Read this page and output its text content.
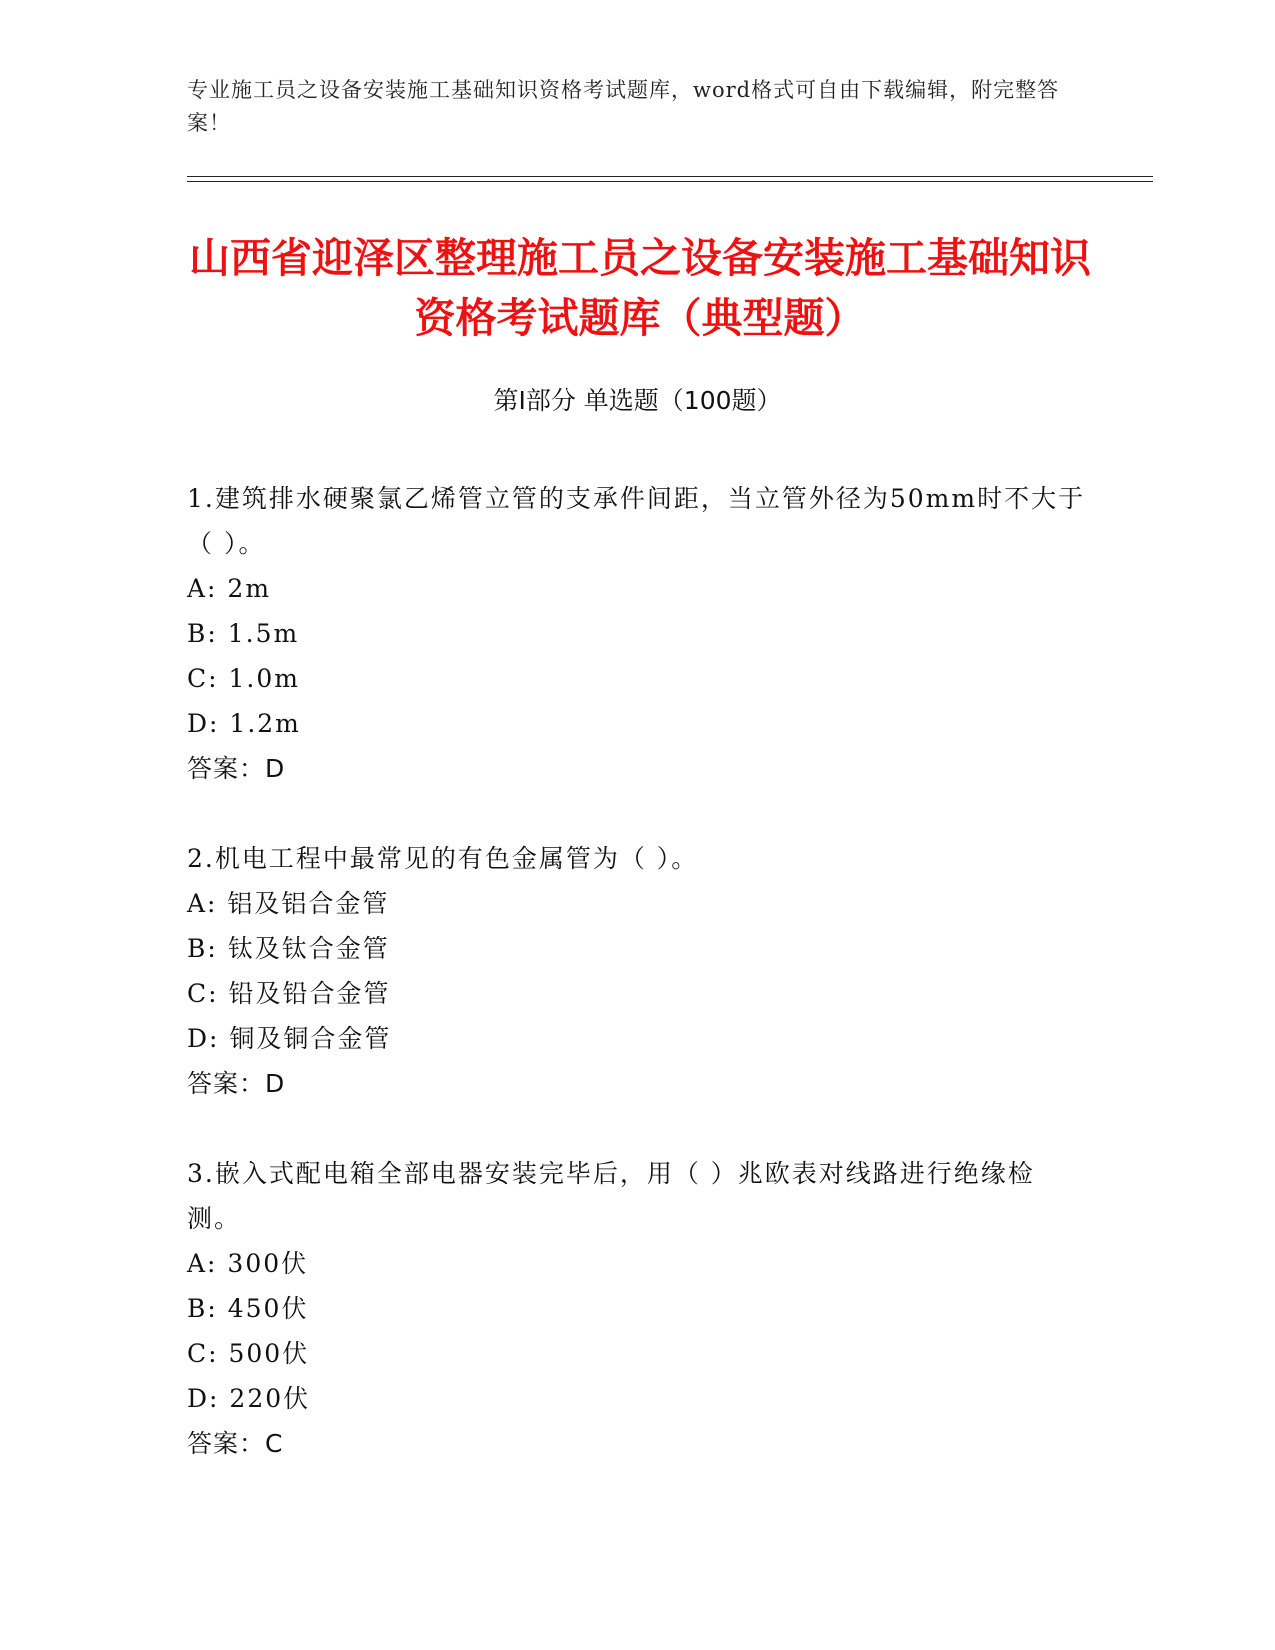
专业施工员之设备安装施工基础知识资格考试题库，word格式可自由下载编辑，附完整答案！
山西省迎泽区整理施工员之设备安装施工基础知识资格考试题库（典型题）
第Ⅰ部分 单选题（100题）

1.建筑排水硬聚氯乙烯管立管的支承件间距，当立管外径为50mm时不大于（ ）。

A: 2m

B: 1.5m

C: 1.0m

D: 1.2m

答案：D

2.机电工程中最常见的有色金属管为（ ）。

A: 铝及铝合金管

B: 钛及钛合金管

C: 铅及铅合金管

D: 铜及铜合金管

答案：D

3.嵌入式配电箱全部电器安装完毕后，用（ ）兆欧表对线路进行绝缘检测。

A: 300伏

B: 450伏

C: 500伏

D: 220伏

答案：C
